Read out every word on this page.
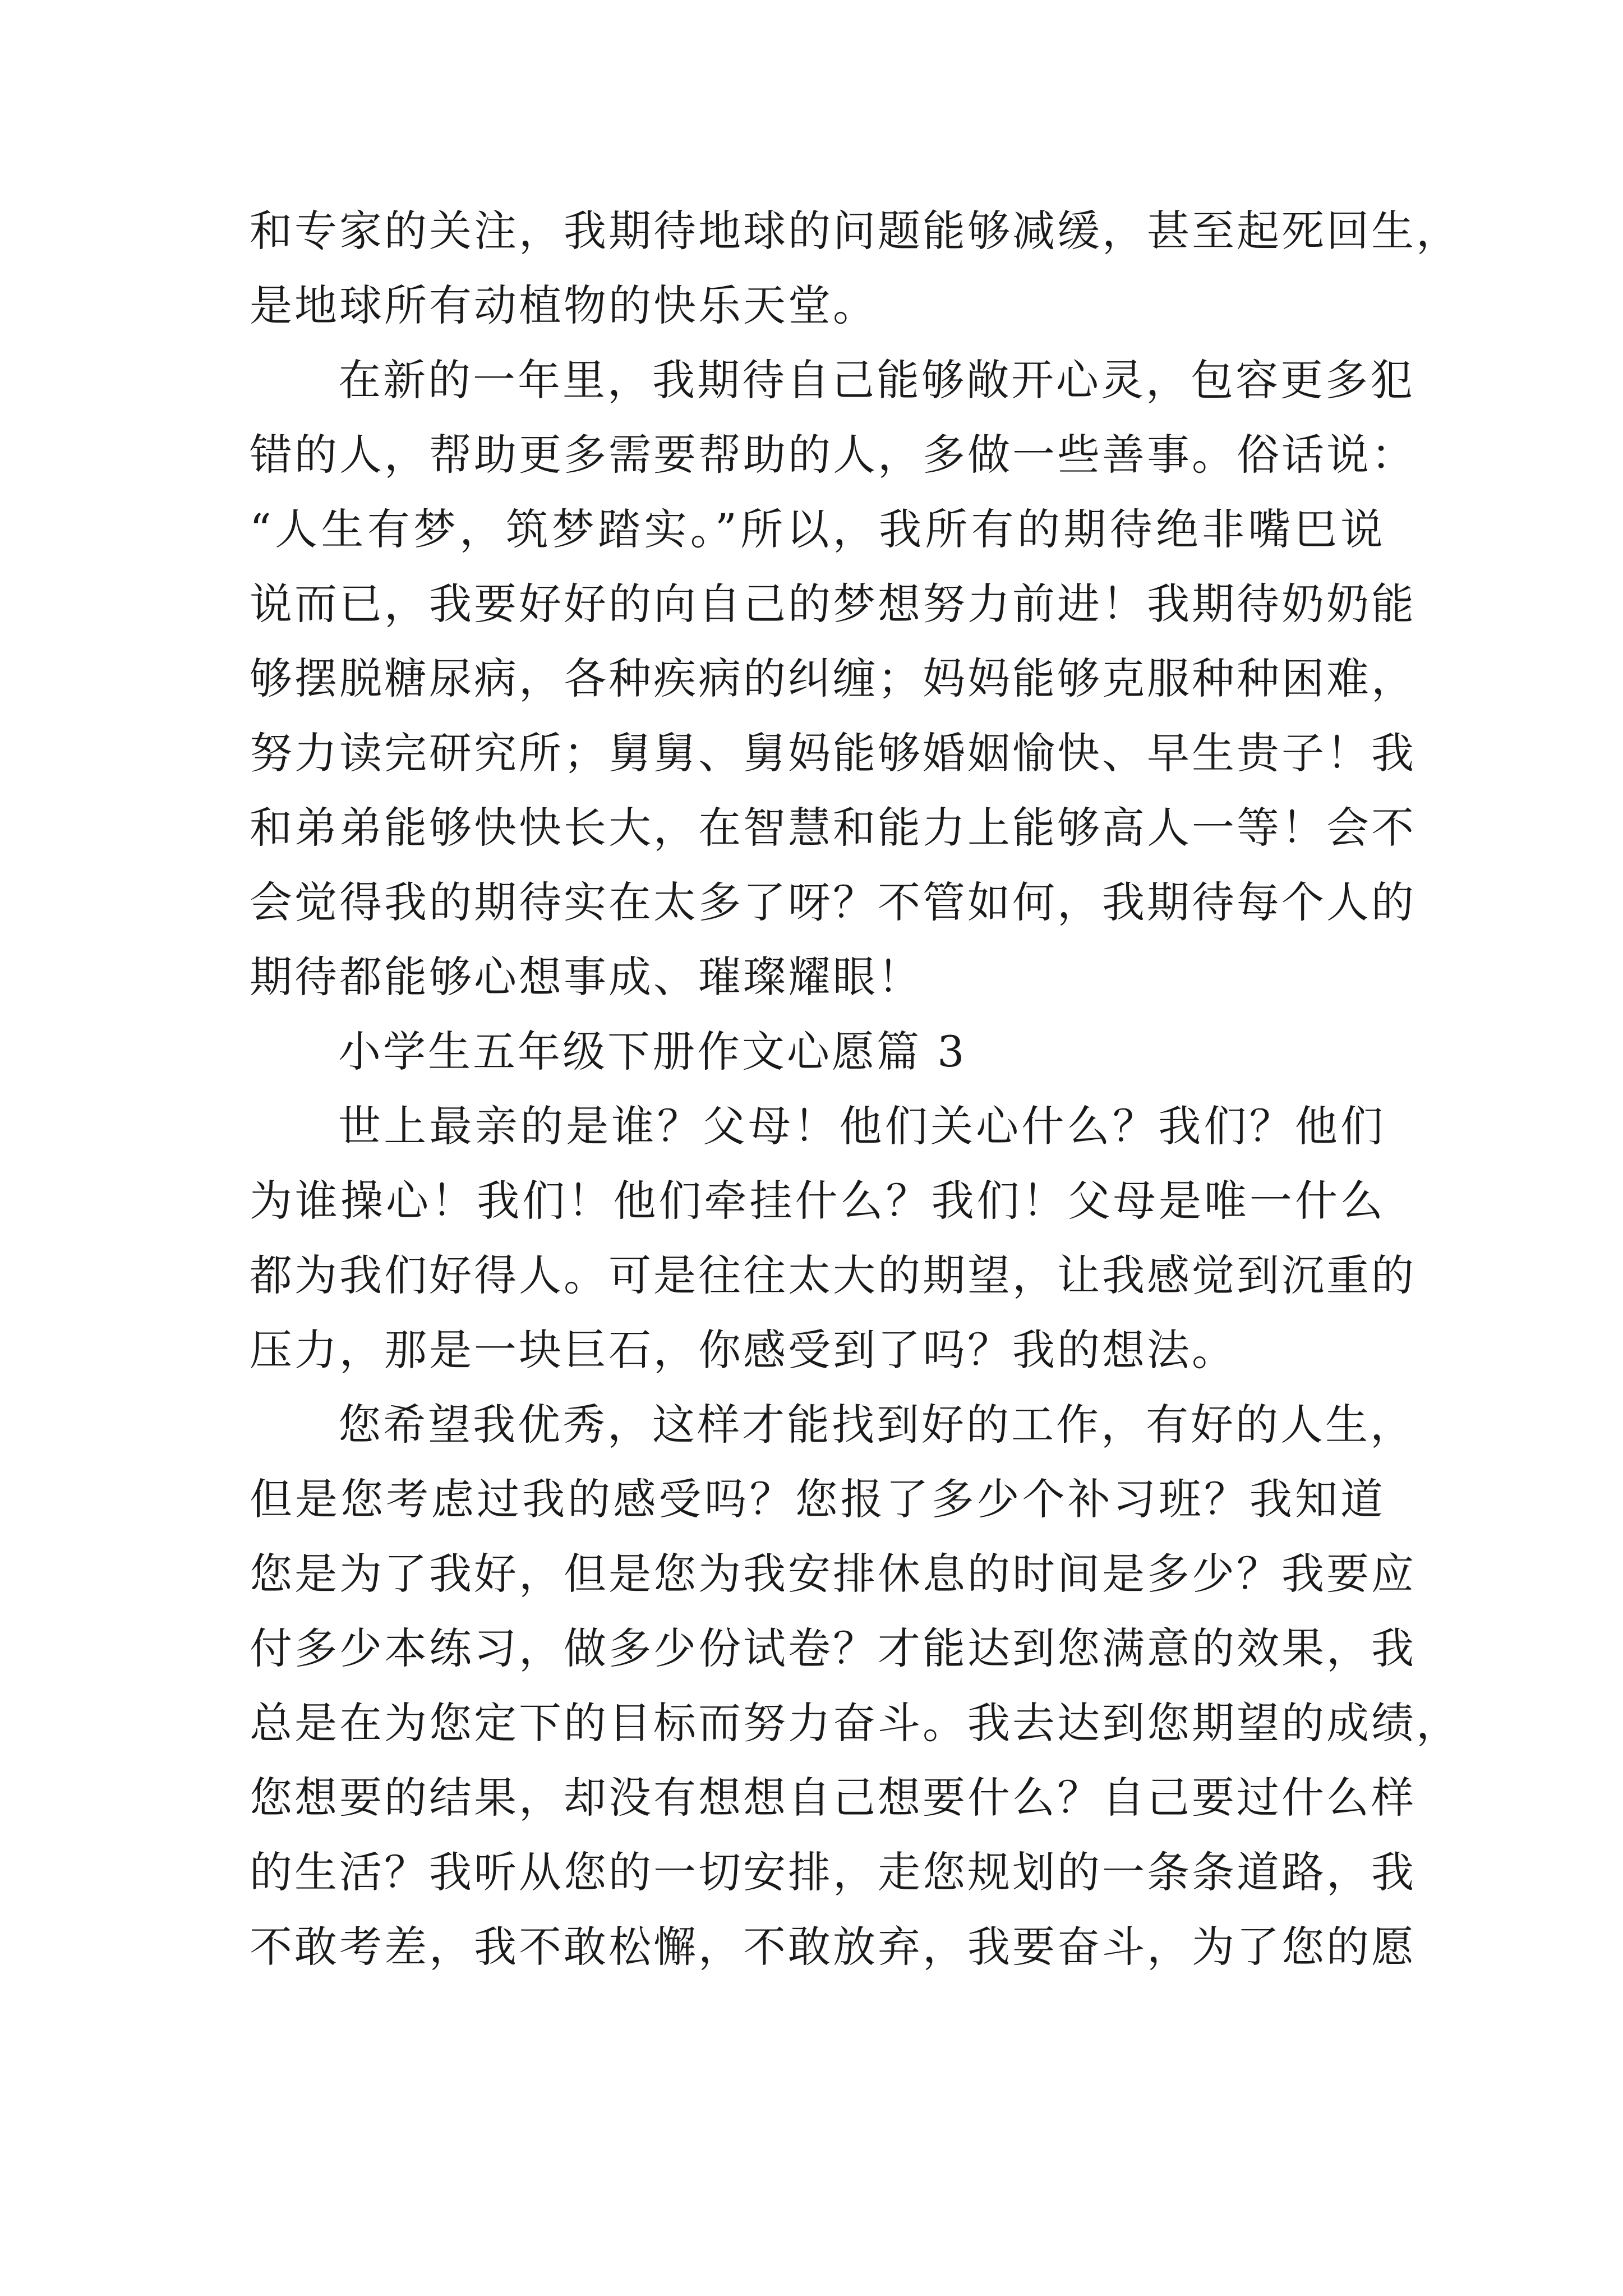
和专家的关注，我期待地球的问题能够减缓，甚至起死回生，
是地球所有动植物的快乐天堂。
在新的一年里，我期待自己能够敞开心灵，包容更多犯
错的人，帮助更多需要帮助的人，多做一些善事。俗话说：
“人生有梦，筑梦踏实。”所以，我所有的期待绝非嘴巴说
说而已，我要好好的向自己的梦想努力前进！我期待奶奶能
够摆脱糖尿病，各种疾病的纠缠；妈妈能够克服种种困难，
努力读完研究所；舅舅、舅妈能够婚姻愉快、早生贵子！我
和弟弟能够快快长大，在智慧和能力上能够高人一等！会不
会觉得我的期待实在太多了呀？不管如何，我期待每个人的
期待都能够心想事成、璀璨耀眼！
小学生五年级下册作文心愿篇 3
世上最亲的是谁？父母！他们关心什么？我们？他们
为谁操心！我们！他们牵挂什么？我们！父母是唯一什么
都为我们好得人。可是往往太大的期望，让我感觉到沉重的
压力，那是一块巨石，你感受到了吗？我的想法。
您希望我优秀，这样才能找到好的工作，有好的人生，
但是您考虑过我的感受吗？您报了多少个补习班？我知道
您是为了我好，但是您为我安排休息的时间是多少？我要应
付多少本练习，做多少份试卷？才能达到您满意的效果，我
总是在为您定下的目标而努力奋斗。我去达到您期望的成绩，
您想要的结果，却没有想想自己想要什么？自己要过什么样
的生活？我听从您的一切安排，走您规划的一条条道路，我
不敢考差，我不敢松懈，不敢放弃，我要奋斗，为了您的愿
